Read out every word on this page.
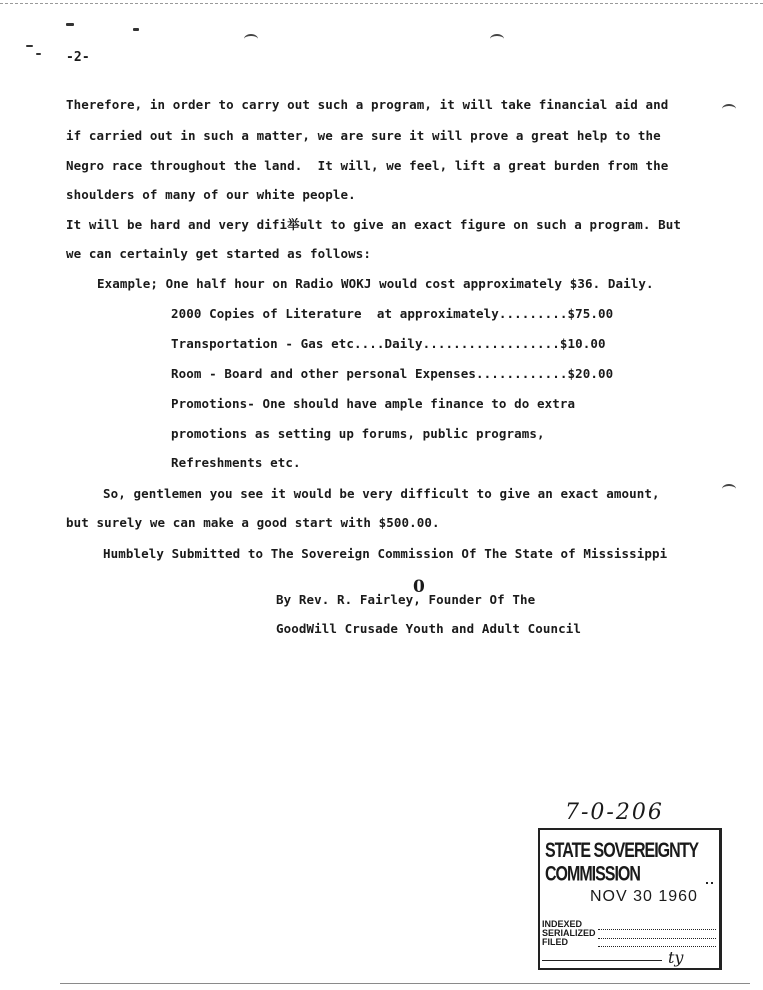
-2-
Therefore, in order to carry out such a program, it will take financial aid and
if carried out in such a matter, we are sure it will prove a great help to the
Negro race throughout the land.  It will, we feel, lift a great burden from the
shoulders of many of our white people.
It will be hard and very difi举ult to give an exact figure on such a program. But
we can certainly get started as follows:
Example; One half hour on Radio WOKJ would cost approximately $36. Daily.
2000 Copies of Literature  at approximately.........$75.00
Transportation - Gas etc....Daily..................$10.00
Room - Board and other personal Expenses............$20.00
Promotions- One should have ample finance to do extra
promotions as setting up forums, public programs,
Refreshments etc.
So, gentlemen you see it would be very difficult to give an exact amount,
but surely we can make a good start with $500.00.
Humblely Submitted to The Sovereign Commission Of The State of Mississippi
0
By Rev. R. Fairley, Founder Of The
GoodWill Crusade Youth and Adult Council
7-0-206
STATE SOVEREIGNTY COMMISSION
NOV 30 1960
INDEXED
SERIALIZED
FILED
ty
